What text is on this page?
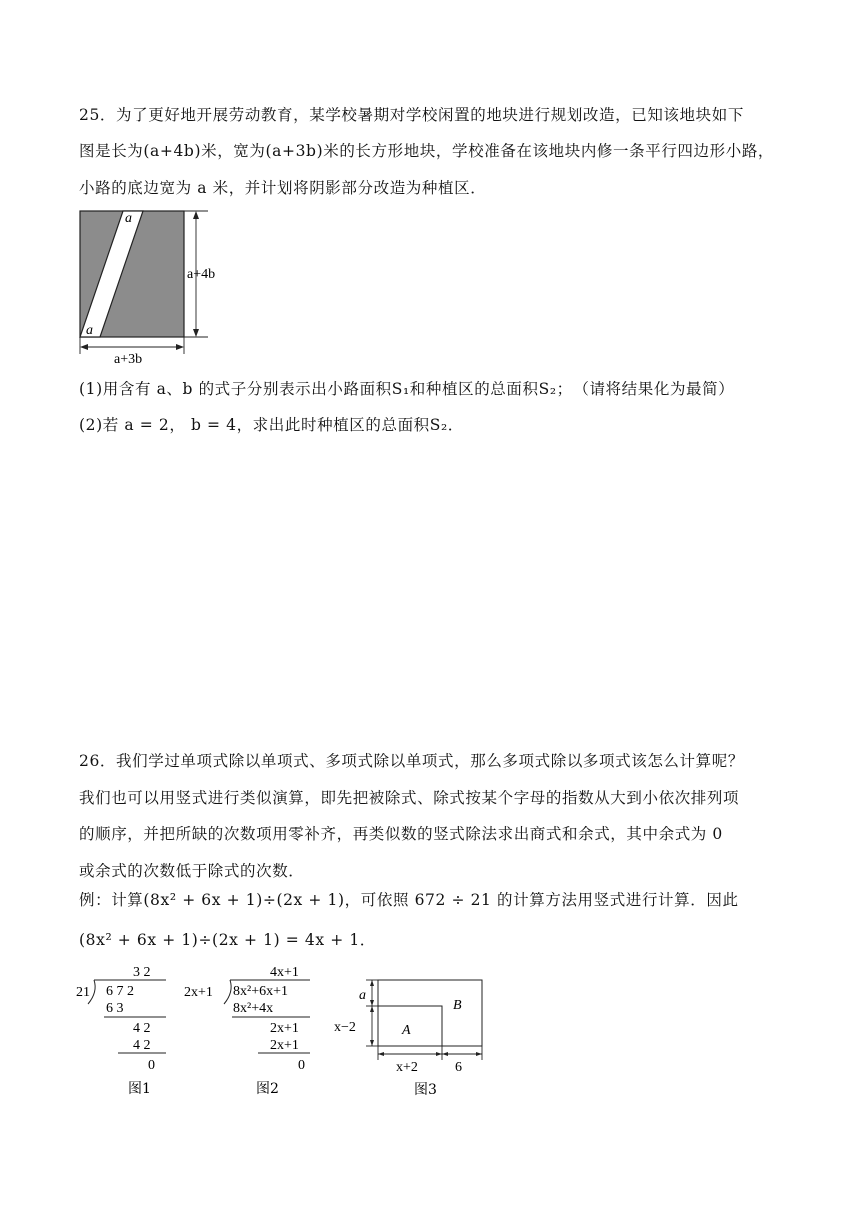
25．为了更好地开展劳动教育，某学校暑期对学校闲置的地块进行规划改造，已知该地块如下
图是长为(a+4b)米，宽为(a+3b)米的长方形地块，学校准备在该地块内修一条平行四边形小路，
小路的底边宽为 a 米，并计划将阴影部分改造为种植区．
a
a
a+4b
a+3b
(1)用含有 a、b 的式子分别表示出小路面积S₁和种植区的总面积S₂；　（请将结果化为最简）
(2)若 a = 2， b = 4，求出此时种植区的总面积S₂．
26．我们学过单项式除以单项式、多项式除以单项式，那么多项式除以多项式该怎么计算呢？
我们也可以用竖式进行类似演算，即先把被除式、除式按某个字母的指数从大到小依次排列项
的顺序，并把所缺的次数项用零补齐，再类似数的竖式除法求出商式和余式，其中余式为 0
或余式的次数低于除式的次数．
例：计算(8x² + 6x + 1)÷(2x + 1)，可依照 672 ÷ 21 的计算方法用竖式进行计算．因此
(8x² + 6x + 1)÷(2x + 1) = 4x + 1．
3 2
21 6 7 2
6 3
4 2
4 2
0
图1
4x+1
2x+1 8x²+6x+1
8x²+4x
2x+1
2x+1
0
图2
a
x−2	A
B
x+2	6
图3
